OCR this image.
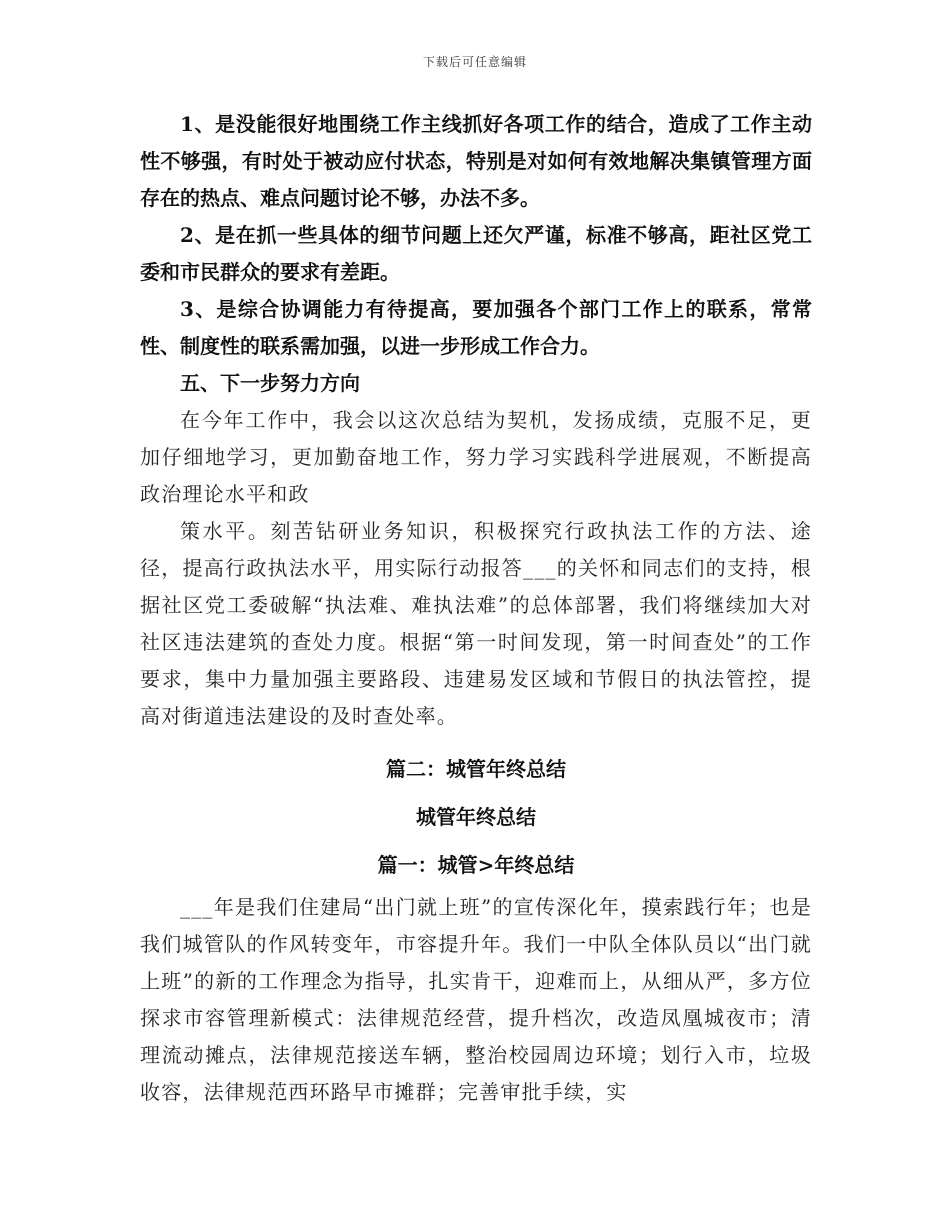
下载后可任意编辑

1、是没能很好地围绕工作主线抓好各项工作的结合，造成了工作主动性不够强，有时处于被动应付状态，特别是对如何有效地解决集镇管理方面存在的热点、难点问题讨论不够，办法不多。

2、是在抓一些具体的细节问题上还欠严谨，标准不够高，距社区党工委和市民群众的要求有差距。

3、是综合协调能力有待提高，要加强各个部门工作上的联系，常常性、制度性的联系需加强，以进一步形成工作合力。

五、下一步努力方向

在今年工作中，我会以这次总结为契机，发扬成绩，克服不足，更加仔细地学习，更加勤奋地工作，努力学习实践科学进展观，不断提高政治理论水平和政

策水平。刻苦钻研业务知识，积极探究行政执法工作的方法、途径，提高行政执法水平，用实际行动报答___的关怀和同志们的支持，根据社区党工委破解“执法难、难执法难”的总体部署，我们将继续加大对社区违法建筑的查处力度。根据“第一时间发现，第一时间查处”的工作要求，集中力量加强主要路段、违建易发区域和节假日的执法管控，提高对街道违法建设的及时查处率。

篇二：城管年终总结

城管年终总结

篇一：城管>年终总结

___年是我们住建局“出门就上班”的宣传深化年，摸索践行年；也是我们城管队的作风转变年，市容提升年。我们一中队全体队员以“出门就上班”的新的工作理念为指导，扎实肯干，迎难而上，从细从严，多方位探求市容管理新模式：法律规范经营，提升档次，改造凤凰城夜市；清理流动摊点，法律规范接送车辆，整治校园周边环境；划行入市，垃圾收容，法律规范西环路早市摊群；完善审批手续，实
